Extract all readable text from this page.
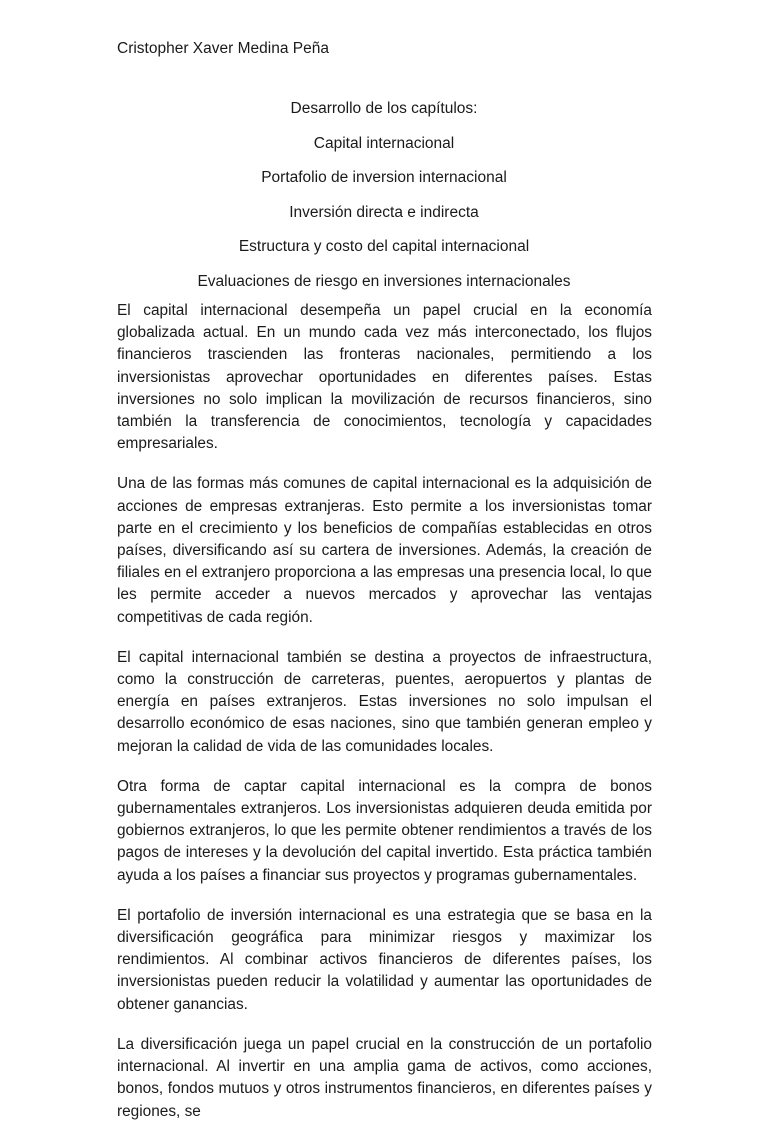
Cristopher Xaver Medina Peña
Desarrollo de los capítulos:
Capital internacional
Portafolio de inversion internacional
Inversión directa e indirecta
Estructura y costo del capital internacional
Evaluaciones de riesgo en inversiones internacionales

El capital internacional desempeña un papel crucial en la economía globalizada actual. En un mundo cada vez más interconectado, los flujos financieros trascienden las fronteras nacionales, permitiendo a los inversionistas aprovechar oportunidades en diferentes países. Estas inversiones no solo implican la movilización de recursos financieros, sino también la transferencia de conocimientos, tecnología y capacidades empresariales.

Una de las formas más comunes de capital internacional es la adquisición de acciones de empresas extranjeras. Esto permite a los inversionistas tomar parte en el crecimiento y los beneficios de compañías establecidas en otros países, diversificando así su cartera de inversiones. Además, la creación de filiales en el extranjero proporciona a las empresas una presencia local, lo que les permite acceder a nuevos mercados y aprovechar las ventajas competitivas de cada región.

El capital internacional también se destina a proyectos de infraestructura, como la construcción de carreteras, puentes, aeropuertos y plantas de energía en países extranjeros. Estas inversiones no solo impulsan el desarrollo económico de esas naciones, sino que también generan empleo y mejoran la calidad de vida de las comunidades locales.

Otra forma de captar capital internacional es la compra de bonos gubernamentales extranjeros. Los inversionistas adquieren deuda emitida por gobiernos extranjeros, lo que les permite obtener rendimientos a través de los pagos de intereses y la devolución del capital invertido. Esta práctica también ayuda a los países a financiar sus proyectos y programas gubernamentales.

El portafolio de inversión internacional es una estrategia que se basa en la diversificación geográfica para minimizar riesgos y maximizar los rendimientos. Al combinar activos financieros de diferentes países, los inversionistas pueden reducir la volatilidad y aumentar las oportunidades de obtener ganancias.

La diversificación juega un papel crucial en la construcción de un portafolio internacional. Al invertir en una amplia gama de activos, como acciones, bonos, fondos mutuos y otros instrumentos financieros, en diferentes países y regiones, se
